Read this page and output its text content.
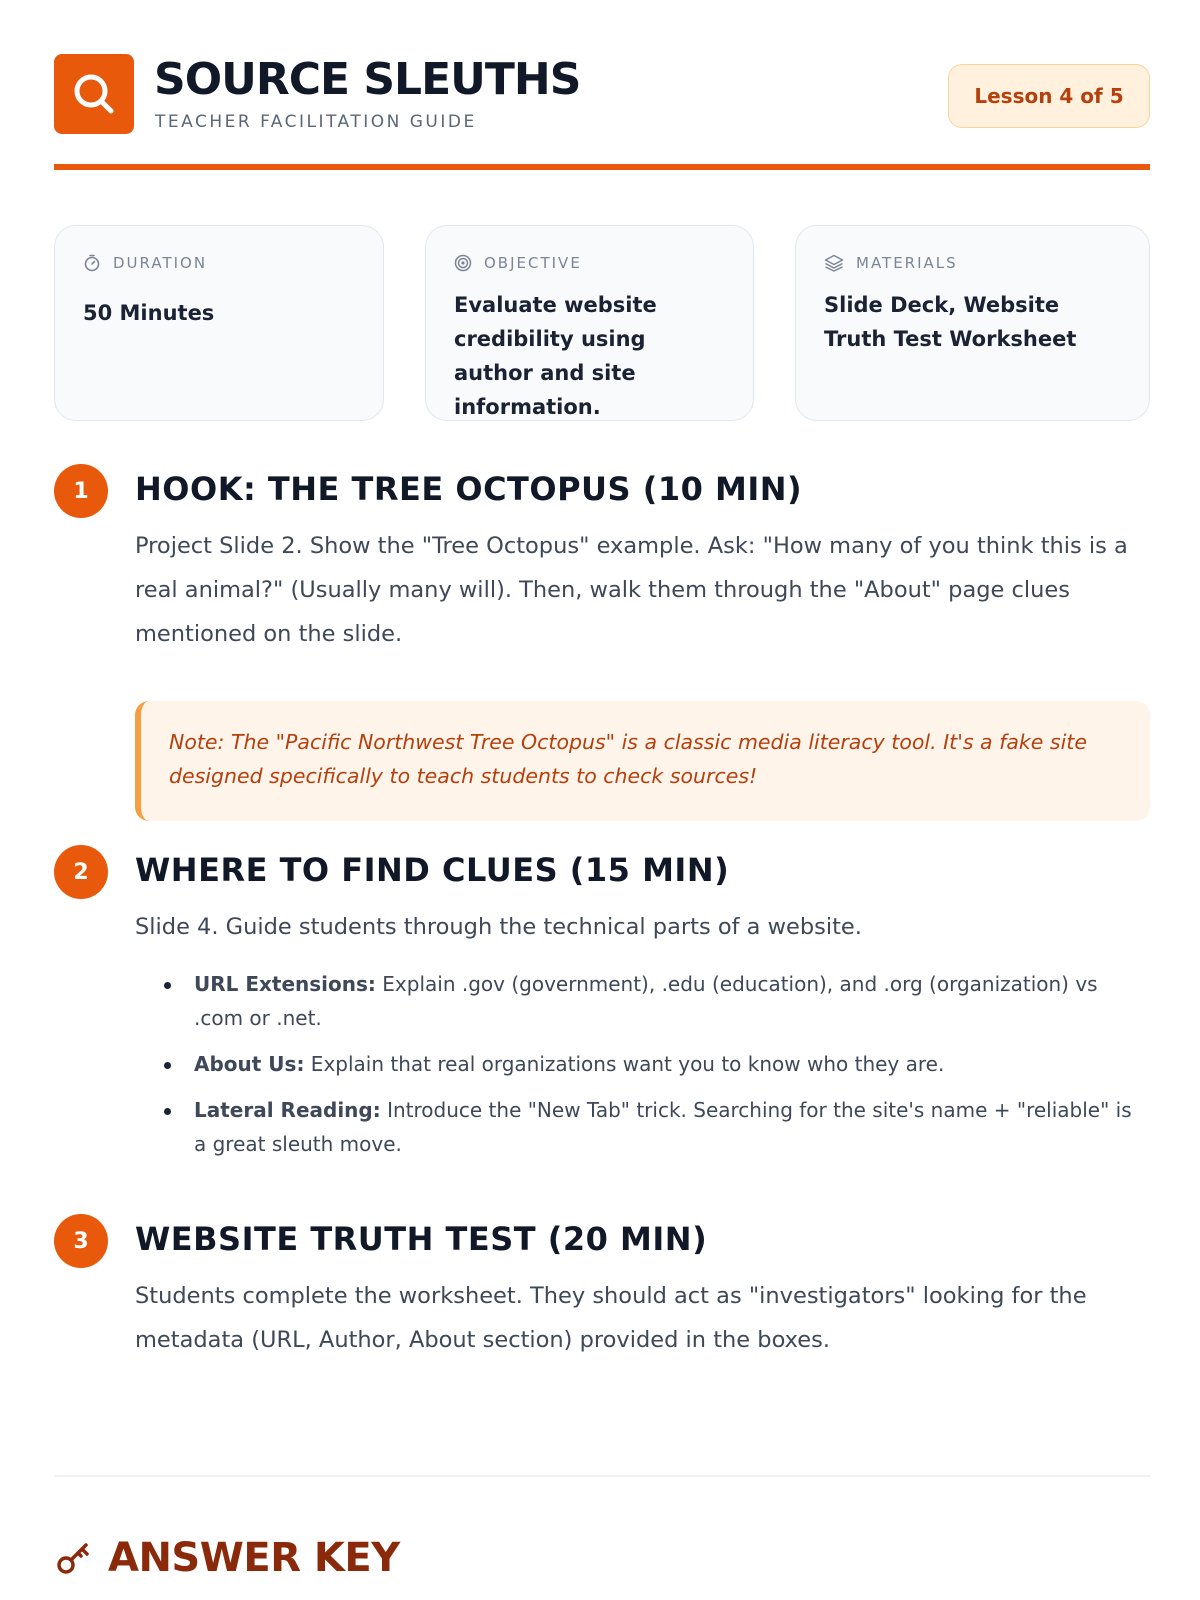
SOURCE SLEUTHS
TEACHER FACILITATION GUIDE
Lesson 4 of 5
DURATION
50 Minutes
OBJECTIVE
Evaluate website credibility using author and site information.
MATERIALS
Slide Deck, Website Truth Test Worksheet
1	HOOK: THE TREE OCTOPUS (10 MIN)
Project Slide 2. Show the "Tree Octopus" example. Ask: "How many of you think this is a real animal?" (Usually many will). Then, walk them through the "About" page clues mentioned on the slide.
Note: The "Pacific Northwest Tree Octopus" is a classic media literacy tool. It's a fake site designed specifically to teach students to check sources!
2	WHERE TO FIND CLUES (15 MIN)
Slide 4. Guide students through the technical parts of a website.
URL Extensions: Explain .gov (government), .edu (education), and .org (organization) vs .com or .net.
About Us: Explain that real organizations want you to know who they are.
Lateral Reading: Introduce the "New Tab" trick. Searching for the site's name + "reliable" is a great sleuth move.
3	WEBSITE TRUTH TEST (20 MIN)
Students complete the worksheet. They should act as "investigators" looking for the metadata (URL, Author, About section) provided in the boxes.
ANSWER KEY
